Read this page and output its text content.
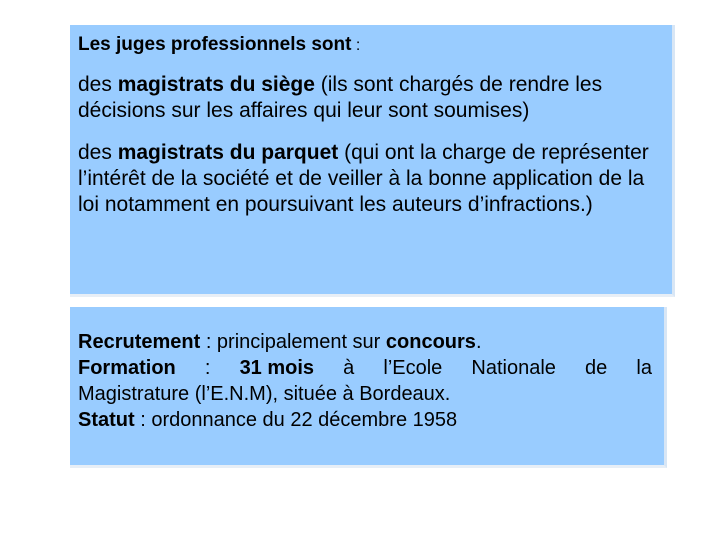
Les juges professionnels sont :

des magistrats du siège (ils sont chargés de rendre les décisions sur les affaires qui leur sont soumises)

des magistrats du parquet (qui ont la charge de représenter l’intérêt de la société et de veiller à la bonne application de la loi notamment en poursuivant les auteurs d’infractions.)

Recrutement : principalement sur concours.

Formation : 31 mois à l’Ecole Nationale de la

Magistrature (l’E.N.M), située à Bordeaux.

Statut : ordonnance du 22 décembre 1958
